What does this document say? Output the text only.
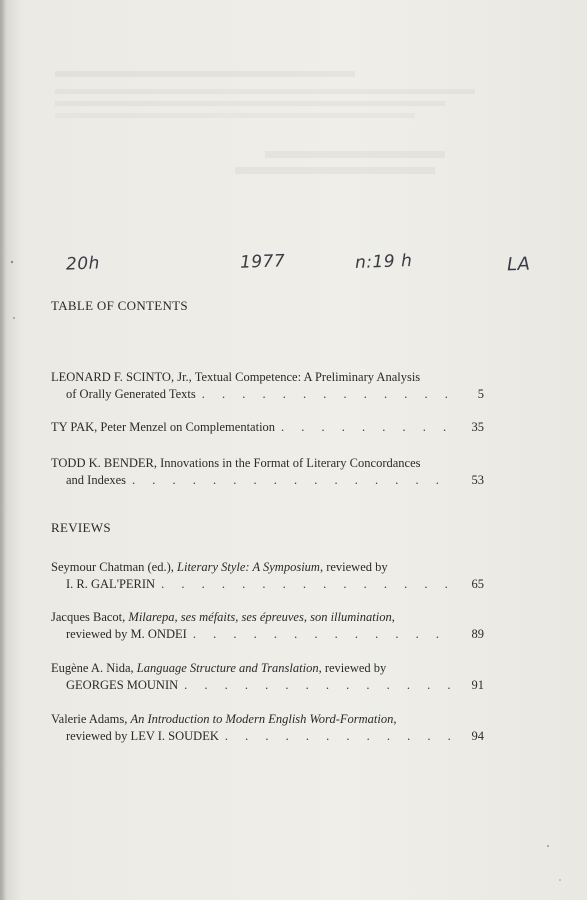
20h	1977	n:19 h	LA
TABLE OF CONTENTS
LEONARD F. SCINTO, Jr., Textual Competence: A Preliminary Analysis
of Orally Generated Texts . . .	5
TY PAK, Peter Menzel on Complementation . . .	35
TODD K. BENDER, Innovations in the Format of Literary Concordances
and Indexes . . .	53
REVIEWS
Seymour Chatman (ed.), Literary Style: A Symposium, reviewed by
I. R. GAL'PERIN . . .	65
Jacques Bacot, Milarepa, ses méfaits, ses épreuves, son illumination,
reviewed by M. ONDEI . . .	89
Eugène A. Nida, Language Structure and Translation, reviewed by
GEORGES MOUNIN . . .	91
Valerie Adams, An Introduction to Modern English Word-Formation,
reviewed by LEV I. SOUDEK . . .	94
